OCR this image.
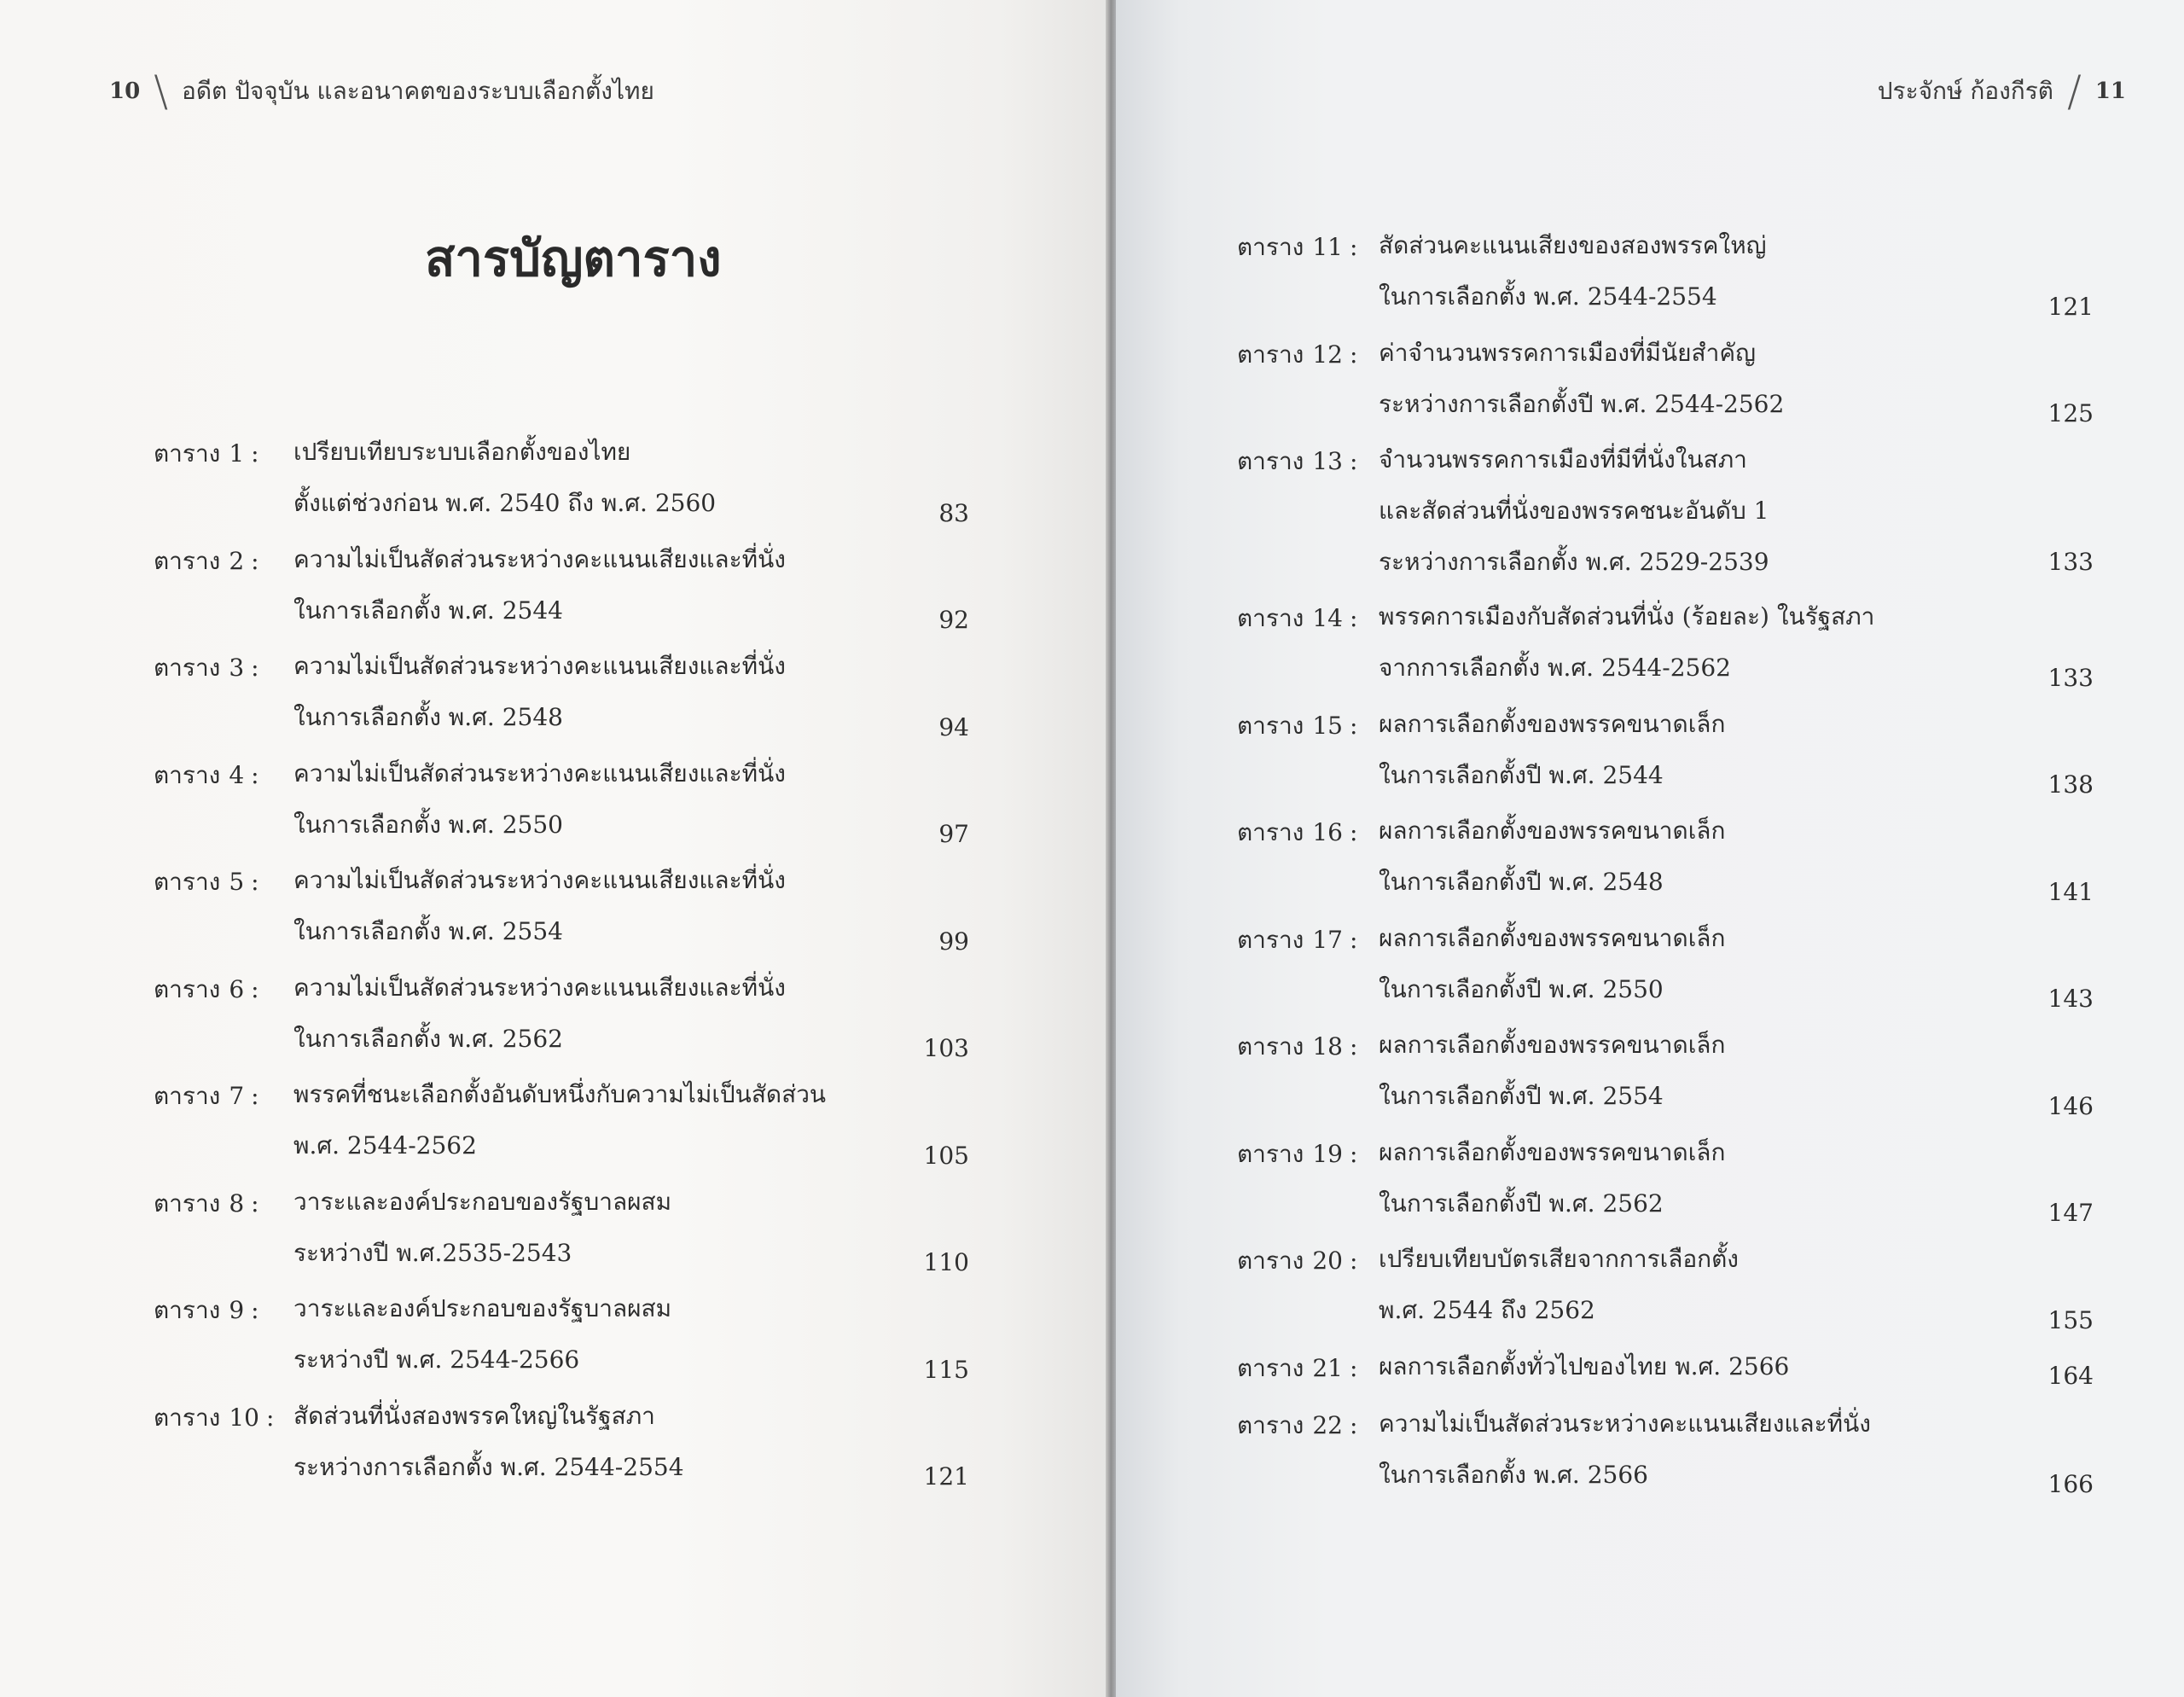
10 \ อดีต ปัจจุบัน และอนาคตของระบบเลือกตั้งไทย
สารบัญตาราง
ตาราง 1 : เปรียบเทียบระบบเลือกตั้งของไทย
ตั้งแต่ช่วงก่อน พ.ศ. 2540 ถึง พ.ศ. 2560	83
ตาราง 2 : ความไม่เป็นสัดส่วนระหว่างคะแนนเสียงและที่นั่ง
ในการเลือกตั้ง พ.ศ. 2544	92
ตาราง 3 : ความไม่เป็นสัดส่วนระหว่างคะแนนเสียงและที่นั่ง
ในการเลือกตั้ง พ.ศ. 2548	94
ตาราง 4 : ความไม่เป็นสัดส่วนระหว่างคะแนนเสียงและที่นั่ง
ในการเลือกตั้ง พ.ศ. 2550	97
ตาราง 5 : ความไม่เป็นสัดส่วนระหว่างคะแนนเสียงและที่นั่ง
ในการเลือกตั้ง พ.ศ. 2554	99
ตาราง 6 : ความไม่เป็นสัดส่วนระหว่างคะแนนเสียงและที่นั่ง
ในการเลือกตั้ง พ.ศ. 2562	103
ตาราง 7 : พรรคที่ชนะเลือกตั้งอันดับหนึ่งกับความไม่เป็นสัดส่วน
พ.ศ. 2544-2562	105
ตาราง 8 : วาระและองค์ประกอบของรัฐบาลผสม
ระหว่างปี พ.ศ.2535-2543	110
ตาราง 9 : วาระและองค์ประกอบของรัฐบาลผสม
ระหว่างปี พ.ศ. 2544-2566	115
ตาราง 10 : สัดส่วนที่นั่งสองพรรคใหญ่ในรัฐสภา
ระหว่างการเลือกตั้ง พ.ศ. 2544-2554	121
ประจักษ์ ก้องกีรติ / 11
ตาราง 11 : สัดส่วนคะแนนเสียงของสองพรรคใหญ่
ในการเลือกตั้ง พ.ศ. 2544-2554	121
ตาราง 12 : ค่าจำนวนพรรคการเมืองที่มีนัยสำคัญ
ระหว่างการเลือกตั้งปี พ.ศ. 2544-2562	125
ตาราง 13 : จำนวนพรรคการเมืองที่มีที่นั่งในสภา
และสัดส่วนที่นั่งของพรรคชนะอันดับ 1
ระหว่างการเลือกตั้ง พ.ศ. 2529-2539	133
ตาราง 14 : พรรคการเมืองกับสัดส่วนที่นั่ง (ร้อยละ) ในรัฐสภา
จากการเลือกตั้ง พ.ศ. 2544-2562	133
ตาราง 15 : ผลการเลือกตั้งของพรรคขนาดเล็ก
ในการเลือกตั้งปี พ.ศ. 2544	138
ตาราง 16 : ผลการเลือกตั้งของพรรคขนาดเล็ก
ในการเลือกตั้งปี พ.ศ. 2548	141
ตาราง 17 : ผลการเลือกตั้งของพรรคขนาดเล็ก
ในการเลือกตั้งปี พ.ศ. 2550	143
ตาราง 18 : ผลการเลือกตั้งของพรรคขนาดเล็ก
ในการเลือกตั้งปี พ.ศ. 2554	146
ตาราง 19 : ผลการเลือกตั้งของพรรคขนาดเล็ก
ในการเลือกตั้งปี พ.ศ. 2562	147
ตาราง 20 : เปรียบเทียบบัตรเสียจากการเลือกตั้ง
พ.ศ. 2544 ถึง 2562	155
ตาราง 21 : ผลการเลือกตั้งทั่วไปของไทย พ.ศ. 2566	164
ตาราง 22 : ความไม่เป็นสัดส่วนระหว่างคะแนนเสียงและที่นั่ง
ในการเลือกตั้ง พ.ศ. 2566	166
